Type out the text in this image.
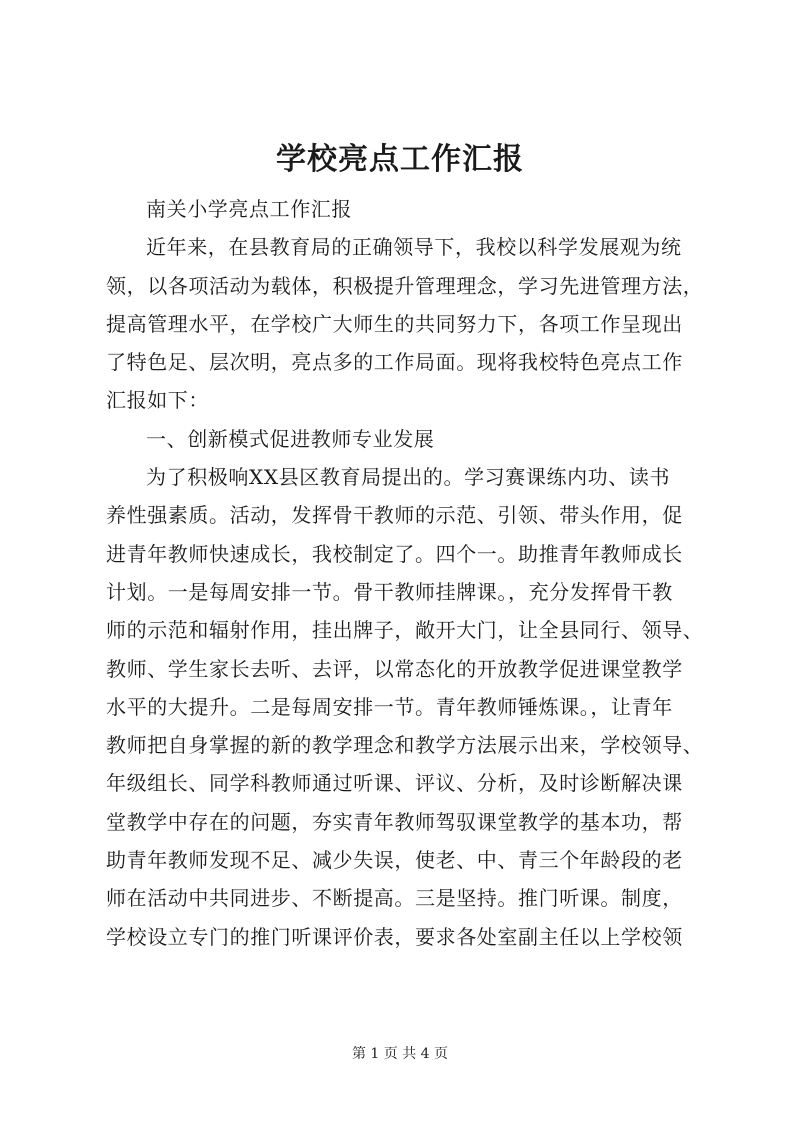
学校亮点工作汇报
南关小学亮点工作汇报
近年来，在县教育局的正确领导下，我校以科学发展观为统
领，以各项活动为载体，积极提升管理理念，学习先进管理方法，
提高管理水平，在学校广大师生的共同努力下，各项工作呈现出
了特色足、层次明，亮点多的工作局面。现将我校特色亮点工作
汇报如下：
一、创新模式促进教师专业发展
为了积极响XX县区教育局提出的。学习赛课练内功、读书
养性强素质。活动，发挥骨干教师的示范、引领、带头作用，促
进青年教师快速成长，我校制定了。四个一。助推青年教师成长
计划。一是每周安排一节。骨干教师挂牌课。，充分发挥骨干教
师的示范和辐射作用，挂出牌子，敞开大门，让全县同行、领导、
教师、学生家长去听、去评，以常态化的开放教学促进课堂教学
水平的大提升。二是每周安排一节。青年教师锤炼课。，让青年
教师把自身掌握的新的教学理念和教学方法展示出来，学校领导、
年级组长、同学科教师通过听课、评议、分析，及时诊断解决课
堂教学中存在的问题，夯实青年教师驾驭课堂教学的基本功，帮
助青年教师发现不足、减少失误，使老、中、青三个年龄段的老
师在活动中共同进步、不断提高。三是坚持。推门听课。制度，
学校设立专门的推门听课评价表，要求各处室副主任以上学校领
第 1 页 共 4 页
